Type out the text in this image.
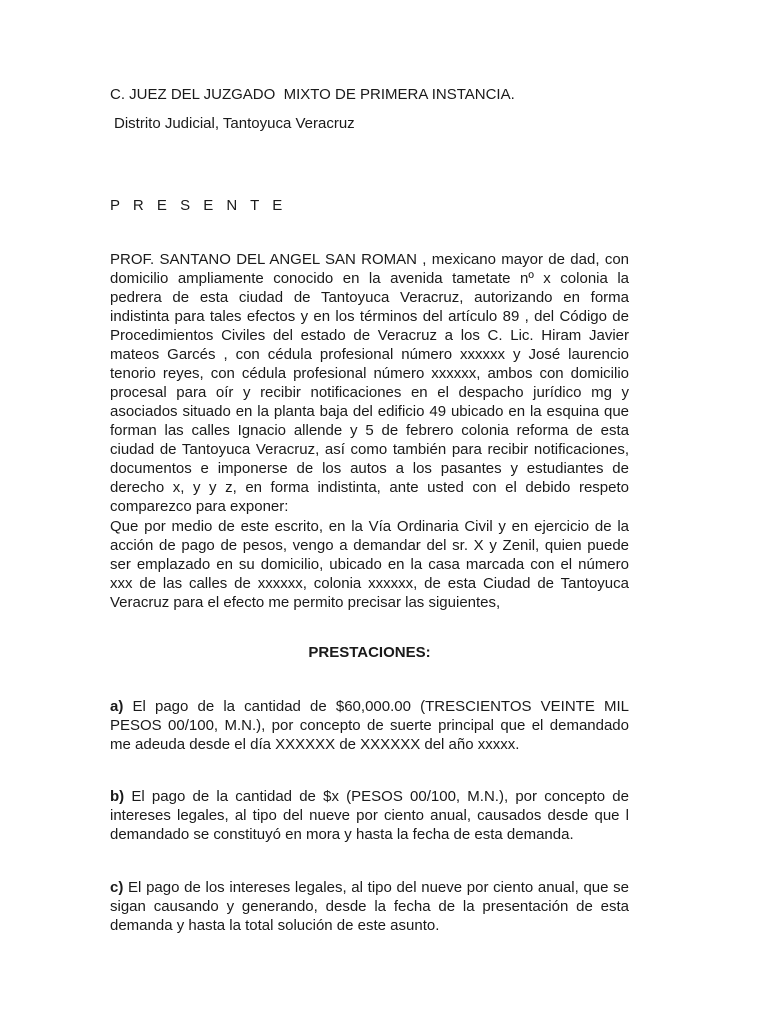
C. JUEZ DEL JUZGADO  MIXTO DE PRIMERA INSTANCIA.

Distrito Judicial, Tantoyuca Veracruz

P R E S E N T E

PROF. SANTANO DEL ANGEL SAN ROMAN , mexicano mayor de dad, con domicilio ampliamente conocido en la avenida tametate nº x colonia la pedrera de esta ciudad de Tantoyuca Veracruz, autorizando en forma indistinta para tales efectos y en los términos del artículo 89 , del Código de Procedimientos Civiles del estado de Veracruz a los C. Lic. Hiram Javier mateos Garcés , con cédula profesional número xxxxxx y José laurencio tenorio reyes, con cédula profesional número xxxxxx, ambos con domicilio procesal para oír y recibir notificaciones en el despacho jurídico mg y asociados situado en la planta baja del edificio 49 ubicado en la esquina que forman las calles Ignacio allende y 5 de febrero colonia reforma de esta ciudad de Tantoyuca Veracruz, así como también para recibir notificaciones, documentos e imponerse de los autos a los pasantes y estudiantes de derecho x, y y z, en forma indistinta, ante usted con el debido respeto comparezco para exponer:

Que por medio de este escrito, en la Vía Ordinaria Civil y en ejercicio de la acción de pago de pesos, vengo a demandar del sr. X y Zenil, quien puede ser emplazado en su domicilio, ubicado en la casa marcada con el número xxx de las calles de xxxxxx, colonia xxxxxx, de esta Ciudad de Tantoyuca Veracruz para el efecto me permito precisar las siguientes,

PRESTACIONES:

a) El pago de la cantidad de $60,000.00 (TRESCIENTOS VEINTE MIL PESOS 00/100, M.N.), por concepto de suerte principal que el demandado me adeuda desde el día XXXXXX de XXXXXX del año xxxxx.

b) El pago de la cantidad de $x (PESOS 00/100, M.N.), por concepto de intereses legales, al tipo del nueve por ciento anual, causados desde que l demandado se constituyó en mora y hasta la fecha de esta demanda.

c) El pago de los intereses legales, al tipo del nueve por ciento anual, que se sigan causando y generando, desde la fecha de la presentación de esta demanda y hasta la total solución de este asunto.
